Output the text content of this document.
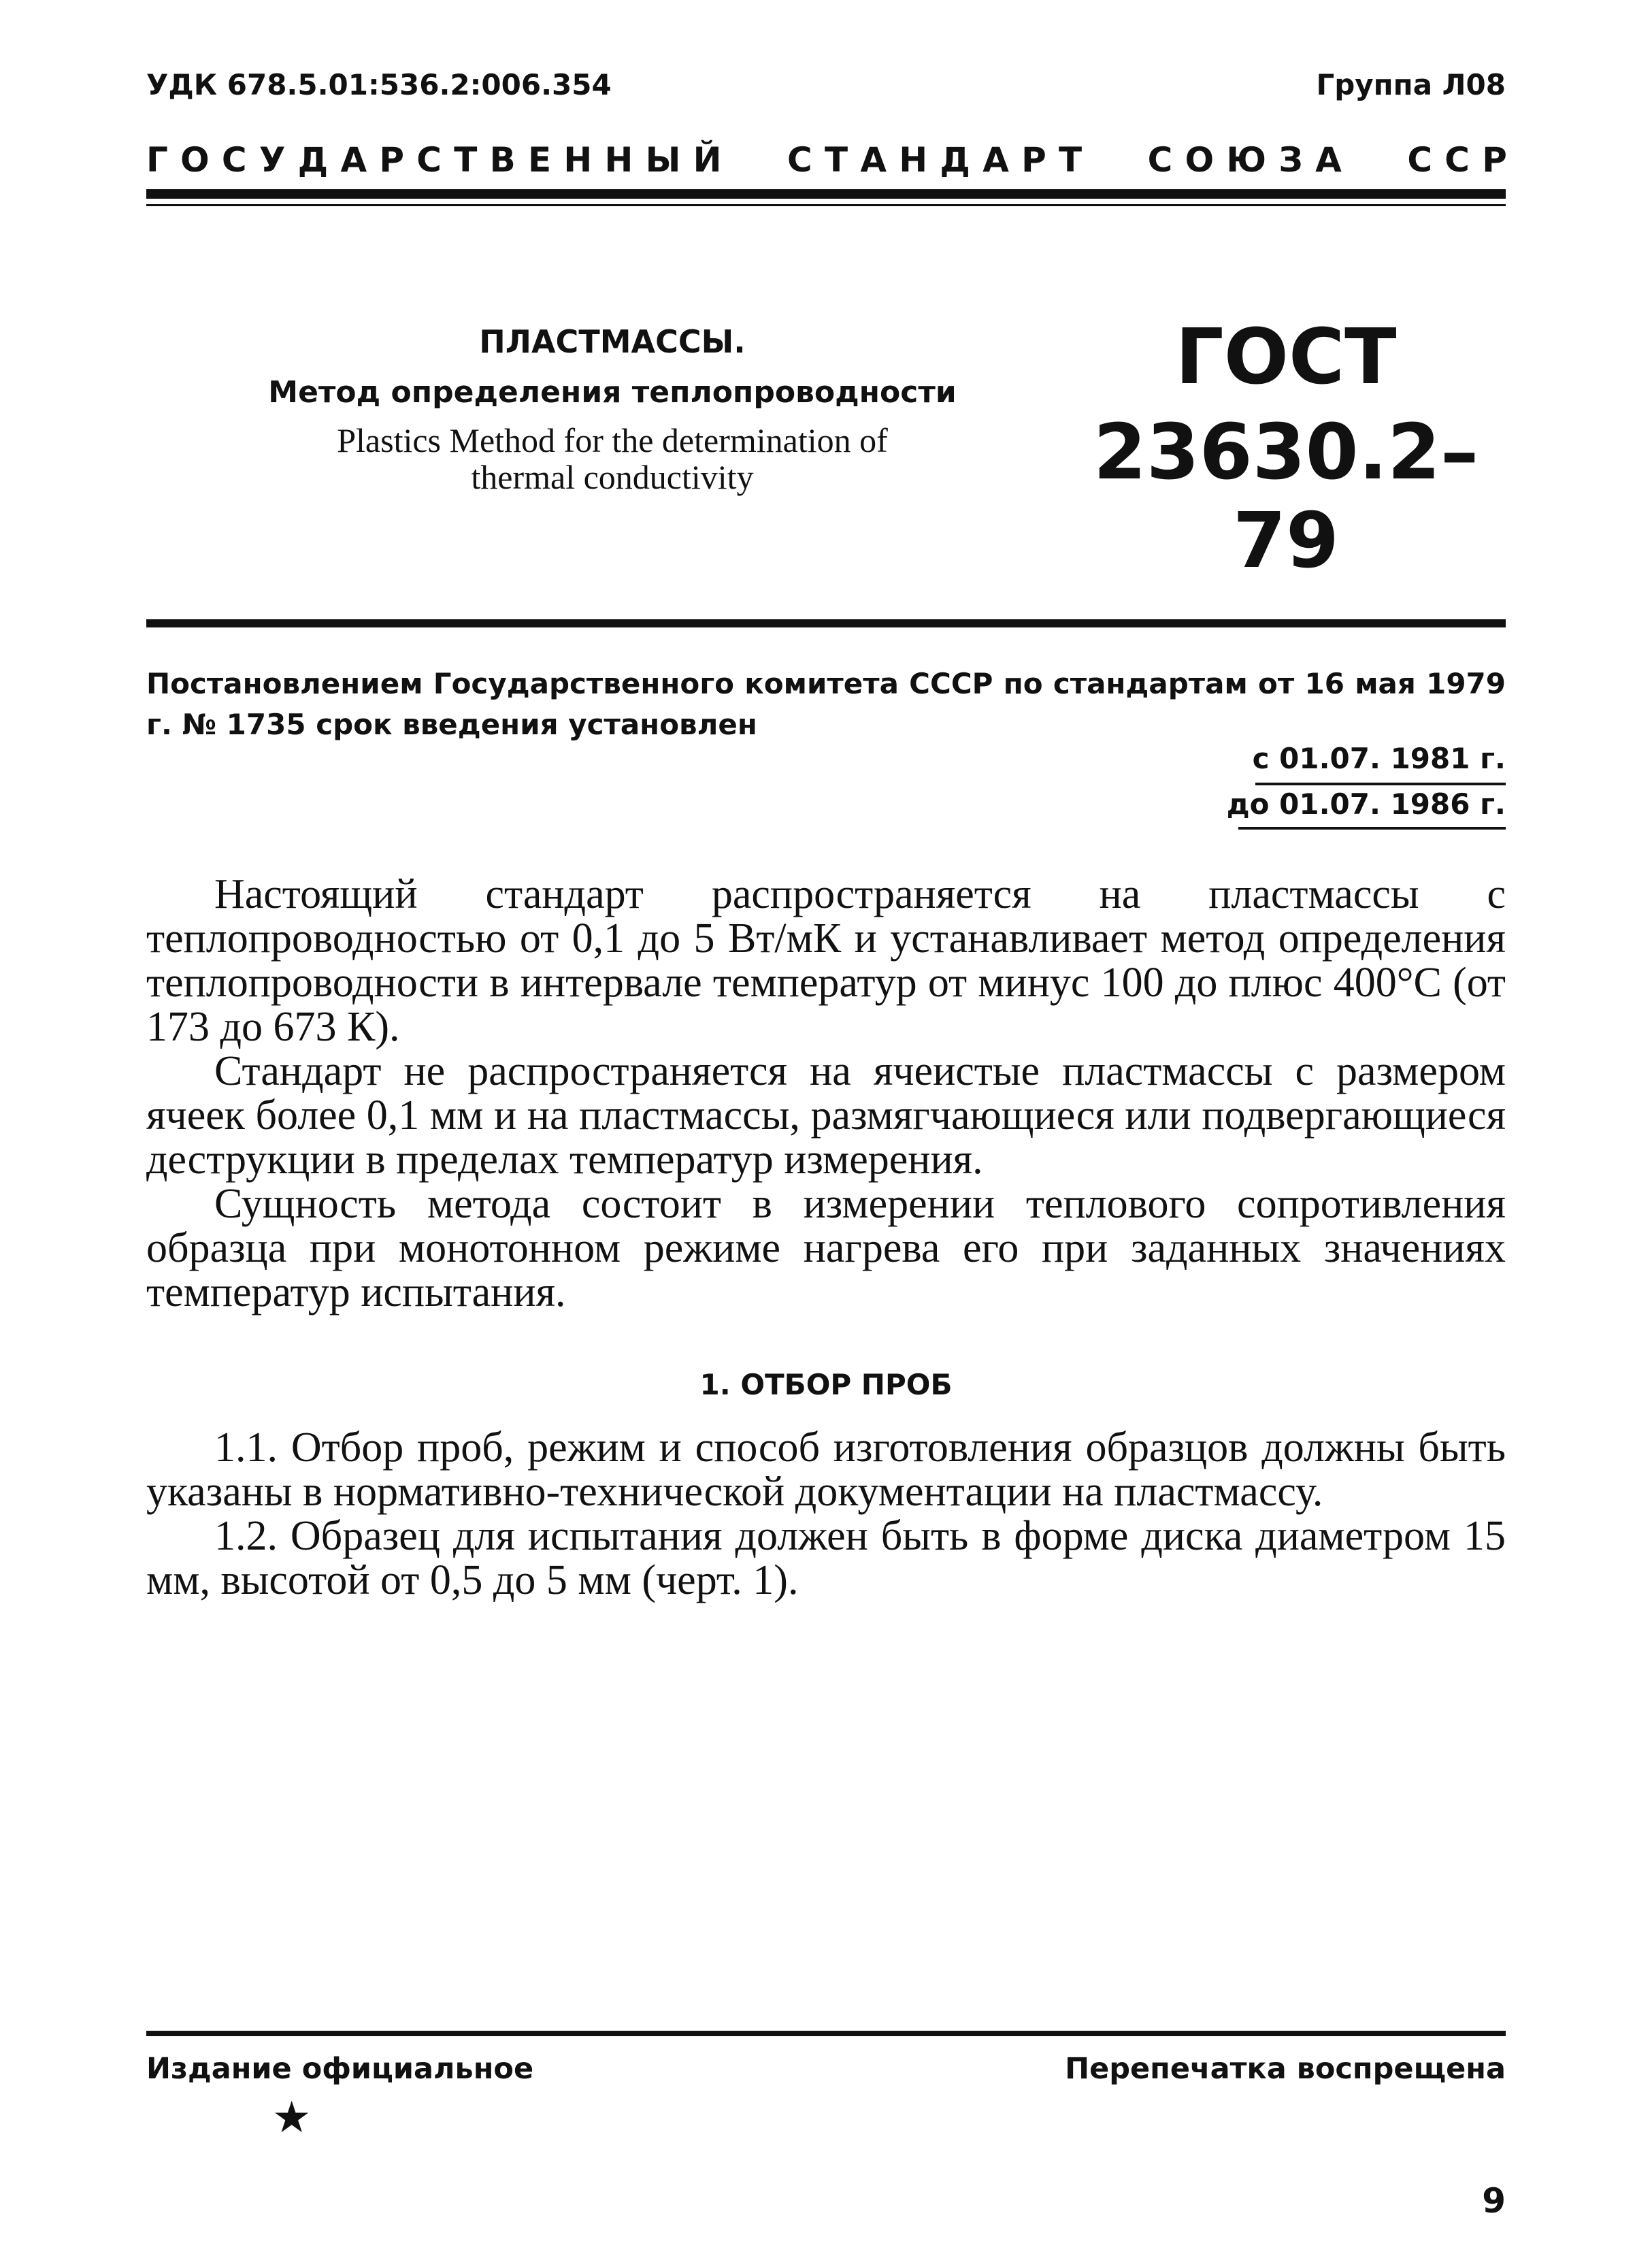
УДК 678.5.01:536.2:006.354	Группа Л08
Г О С У Д А Р С Т В Е Н Н Ы Й С Т А Н Д А Р Т С О Ю З А С С Р
ПЛАСТМАССЫ.
Метод определения теплопроводности
Plastics Method for the determination of
thermal conductivity
ГОСТ
23630.2–79
Постановлением Государственного комитета СССР по стандартам от 16 мая 1979 г. № 1735 срок введения установлен
с 01.07. 1981 г.
до 01.07. 1986 г.

Настоящий стандарт распространяется на пластмассы с теплопроводностью от 0,1 до 5 Вт/мК и устанавливает метод определения теплопроводности в интервале температур от минус 100 до плюс 400°С (от 173 до 673 К).

Стандарт не распространяется на ячеистые пластмассы с размером ячеек более 0,1 мм и на пластмассы, размягчающиеся или подвергающиеся деструкции в пределах температур измерения.

Сущность метода состоит в измерении теплового сопротивления образца при монотонном режиме нагрева его при заданных значениях температур испытания.

1. ОТБОР ПРОБ

1.1. Отбор проб, режим и способ изготовления образцов должны быть указаны в нормативно-технической документации на пластмассу.

1.2. Образец для испытания должен быть в форме диска диаметром 15 мм, высотой от 0,5 до 5 мм (черт. 1).

Издание официальное	Перепечатка воспрещена
★
9
